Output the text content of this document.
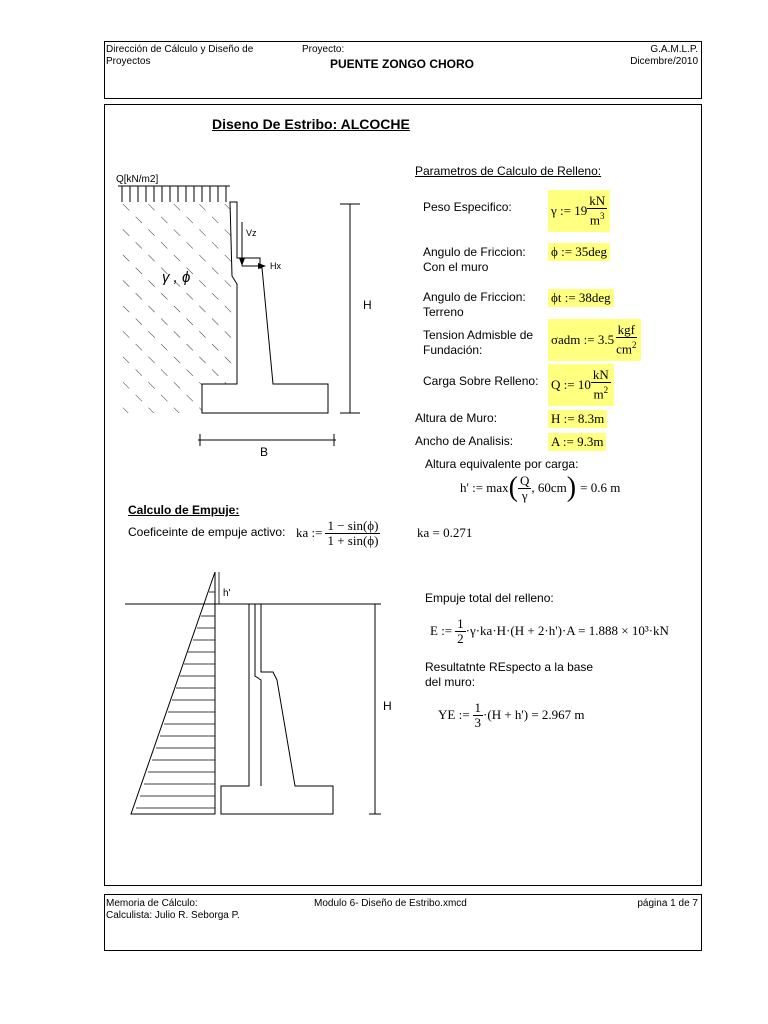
Dirección de Cálculo y Diseño de Proyectos
Proyecto:
PUENTE ZONGO CHORO
G.A.M.L.P.
Dicembre/2010
Diseno De Estribo: ALCOCHE
Q[kN/m2]
γ , ϕ
Vz
Hx
H
B
Parametros de Calculo de Relleno:
Peso Especifico:	γ := $19 \frac{kN}{m^3}$
Angulo de Friccion:
Con el muro
ϕ := 35deg
Angulo de Friccion:
Terreno
ϕt := 38deg
Tension Admisble de
Fundación:
σadm := $3.5 \frac{\text{kgf}}{cm^2}$
Carga Sobre Relleno: Q := $10 \frac{kN}{m^2}$
Altura de Muro:	H := 8.3m
Ancho de Analisis:	A := 9.3m
Altura equivalente por carga:
h' := max ( $\frac{Q}{\gamma}$ , 60cm ) = 0.6 m
Calculo de Empuje:
Coeficeinte de empuje activo: ka := $\frac{1 - \sin(\phi)}{1 + \sin(\phi)}$	ka = 0.271
h'
H
Empuje total del relleno:
E := $\frac{1}{2} \cdot\gamma\cdot ka\cdot H\cdot(H + 2\cdot h')\cdot A = 1.888 \times 10^3\cdot kN$
Resultatnte REspecto a la base
del muro:
YE := $\frac{1}{3} \cdot(H + h') = 2.967$ m
Memoria de Cálculo:
Calculista: Julio R. Seborga P.
Modulo 6- Diseño de Estribo.xmcd	página 1 de 7
